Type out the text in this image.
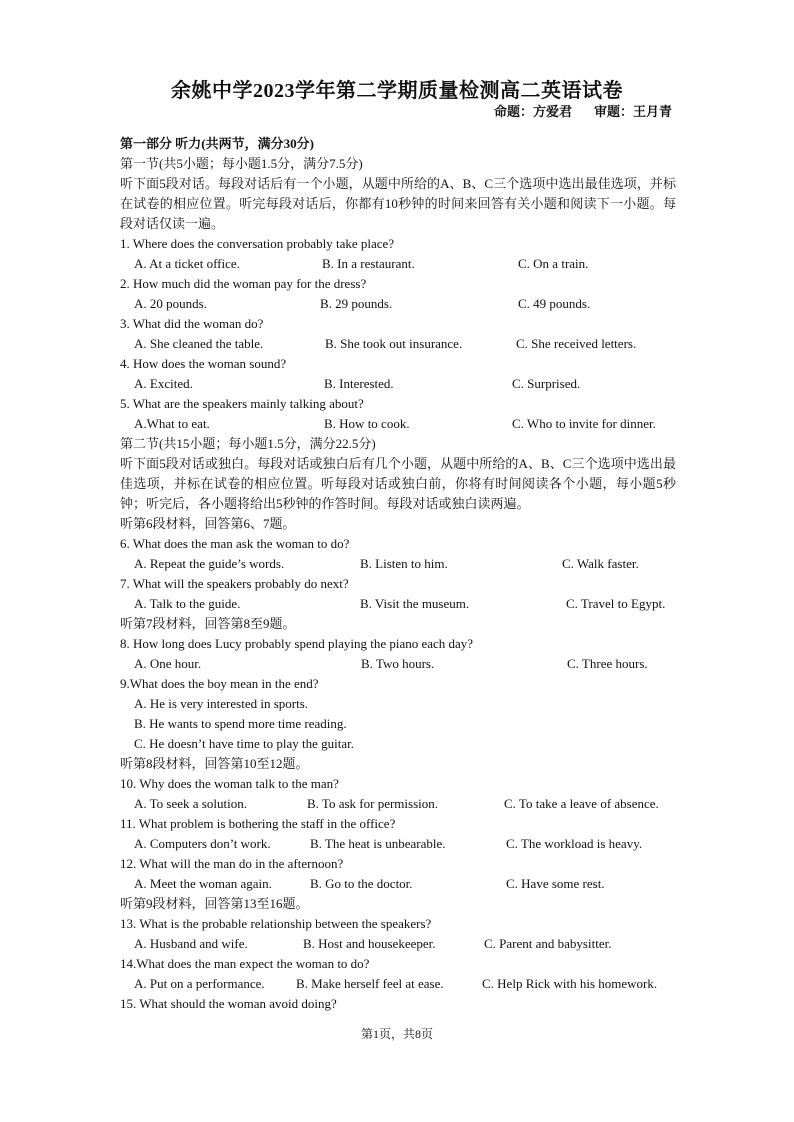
余姚中学2023学年第二学期质量检测高二英语试卷
命题：方爱君 审题：王月青
第一部分 听力(共两节，满分30分)
第一节(共5小题；每小题1.5分，满分7.5分)
听下面5段对话。每段对话后有一个小题，从题中所给的A、B、C三个选项中选出最佳选项，并标在试卷的相应位置。听完每段对话后，你都有10秒钟的时间来回答有关小题和阅读下一小题。每段对话仅读一遍。
1. Where does the conversation probably take place?
A. At a ticket office.	B. In a restaurant.	C. On a train.
2. How much did the woman pay for the dress?
A. 20 pounds.	B. 29 pounds.	C. 49 pounds.
3. What did the woman do?
A. She cleaned the table.	B. She took out insurance.	C. She received letters.
4. How does the woman sound?
A. Excited.	B. Interested.	C. Surprised.
5. What are the speakers mainly talking about?
A.What to eat.	B. How to cook.	C. Who to invite for dinner.
第二节(共15小题；每小题1.5分，满分22.5分)
听下面5段对话或独白。每段对话或独白后有几个小题，从题中所给的A、B、C三个选项中选出最佳选项，并标在试卷的相应位置。听每段对话或独白前，你将有时间阅读各个小题，每小题5秒钟；听完后，各小题将给出5秒钟的作答时间。每段对话或独白读两遍。
听第6段材料，回答第6、7题。
6. What does the man ask the woman to do?
A. Repeat the guide’s words.	B. Listen to him.	C. Walk faster.
7. What will the speakers probably do next?
A. Talk to the guide.	B. Visit the museum.	C. Travel to Egypt.
听第7段材料，回答第8至9题。
8. How long does Lucy probably spend playing the piano each day?
A. One hour.	B. Two hours.	C. Three hours.
9.What does the boy mean in the end?
A. He is very interested in sports.
B. He wants to spend more time reading.
C. He doesn’t have time to play the guitar.
听第8段材料，回答第10至12题。
10. Why does the woman talk to the man?
A. To seek a solution.	B. To ask for permission.	C. To take a leave of absence.
11. What problem is bothering the staff in the office?
A. Computers don’t work.	B. The heat is unbearable.	C. The workload is heavy.
12. What will the man do in the afternoon?
A. Meet the woman again.	B. Go to the doctor.	C. Have some rest.
听第9段材料，回答第13至16题。
13. What is the probable relationship between the speakers?
A. Husband and wife.	B. Host and housekeeper.	C. Parent and babysitter.
14.What does the man expect the woman to do?
A. Put on a performance. B. Make herself feel at ease.	C. Help Rick with his homework.
15. What should the woman avoid doing?
第1页，共8页
